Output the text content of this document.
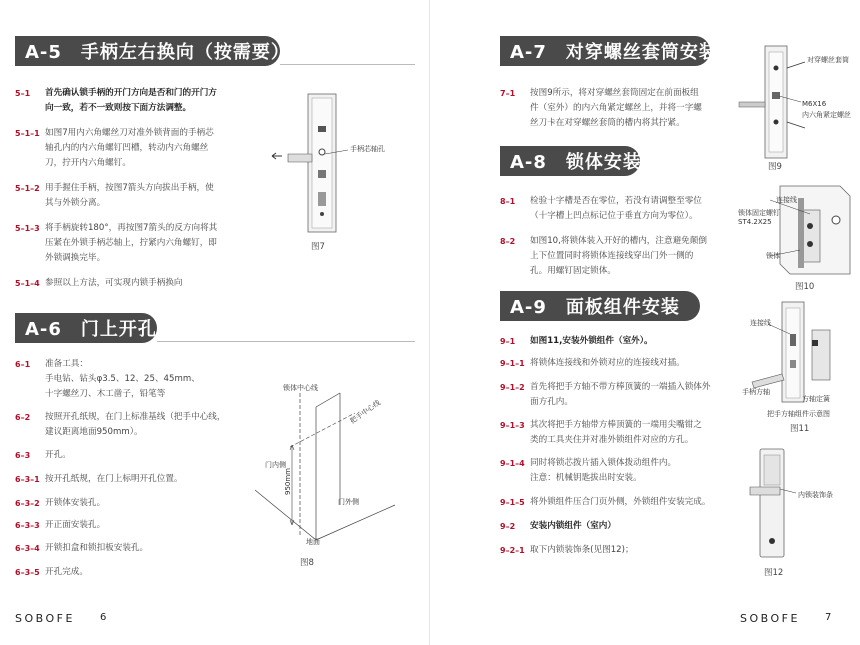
A-5　手柄左右换向（按需要）
5–1 首先确认锁手柄的开门方向是否和门的开门方
向一致，若不一致则按下面方法调整。
5–1–1 如图7用内六角螺丝刀对准外锁背面的手柄芯
轴孔内的内六角螺钉凹槽，转动内六角螺丝
刀，拧开内六角螺钉。
5–1–2 用手握住手柄，按图7箭头方向拔出手柄，使
其与外锁分离。
5–1–3 将手柄旋转180°，再按图7箭头的反方向将其
压紧在外锁手柄芯轴上，拧紧内六角螺钉，即
外锁调换完毕。
5–1–4 参照以上方法，可实现内锁手柄换向
手柄芯轴孔
图7
A-6　门上开孔
6–1 准备工具：
手电钻、钻头φ3.5、12、25、45mm、
十字螺丝刀、木工凿子，铅笔等
6–2 按照开孔纸规，在门上标准基线（把手中心线，
建议距离地面950mm）。
6–3 开孔。
6–3–1 按开孔纸规，在门上标明开孔位置。
6–3–2 开锁体安装孔。
6–3–3 开正面安装孔。
6–3–4 开锁扣盒和锁扣板安装孔。
6–3–5 开孔完成。
锁体中心线
把手中心线
门内侧
门外侧
950mm
地面
图8
SOBOFE	6
A-7　对穿螺丝套筒安装
7–1 按图9所示，将对穿螺丝套筒固定在前面板组
件（室外）的内六角紧定螺丝上，并将一字螺
丝刀卡在对穿螺丝套筒的槽内将其拧紧。
对穿螺丝套筒
M6X16
内六角紧定螺丝
图9
A-8　锁体安装
8–1 检验十字槽是否在零位，若没有请调整至零位
（十字槽上凹点标记位于垂直方向为零位）。
8–2 如图10,将锁体装入开好的槽内，注意避免颠倒
上下位置同时将锁体连接线穿出门外一侧的
孔。用螺钉固定锁体。
连接线
锁体固定螺钉
ST4.2X25
锁体
图10
A-9　面板组件安装
9–1 如图11,安装外锁组件（室外）。
9–1–1 将锁体连接线和外锁对应的连接线对插。
9–1–2 首先将把手方轴不带方棒顶簧的一端插入锁体外
面方孔内。
9–1–3 其次将把手方轴带方棒顶簧的一端用尖嘴钳之
类的工具夹住并对准外锁组件对应的方孔。
9–1–4 同时将锁芯拨片插入锁体拨动组件内。
注意：机械钥匙拔出时安装。
9–1–5 将外锁组件压合门页外侧，外锁组件安装完成。
9–2 安装内锁组件（室内）
9–2–1 取下内锁装饰条(见图12)；
连接线
手柄方轴
方轴定簧
把手方轴组件示意图
图11
内锁装饰条
图12
SOBOFE	7
